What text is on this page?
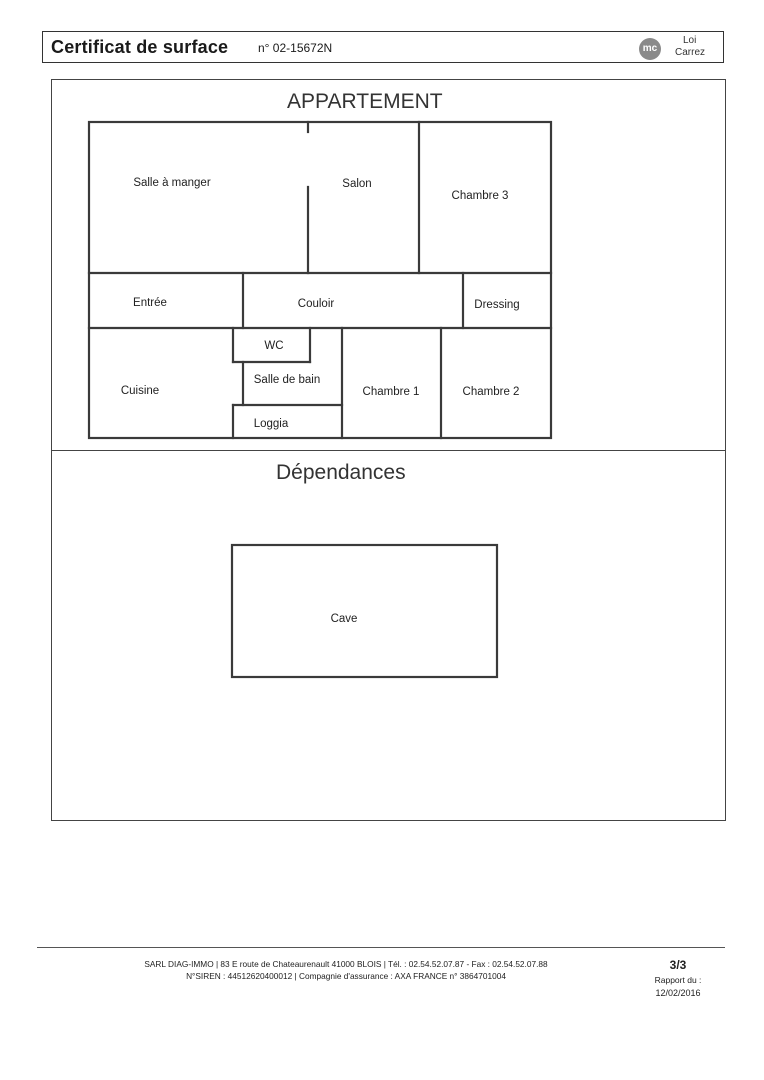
Certificat de surface n° 02-15672N	mc
Loi
Carrez
APPARTEMENT
Dépendances
Salle à manger	Salon
Chambre 3
Entrée	Couloir	Dressing
WC
Cuisine
Salle de bain
Loggia
Chambre 1	Chambre 2
Cave
SARL DIAG-IMMO | 83 E route de Chateaurenault 41000 BLOIS | Tél. : 02.54.52.07.87 - Fax : 02.54.52.07.88
N°SIREN : 44512620400012 | Compagnie d'assurance : AXA FRANCE n° 3864701004
3/3
Rapport du :
12/02/2016
